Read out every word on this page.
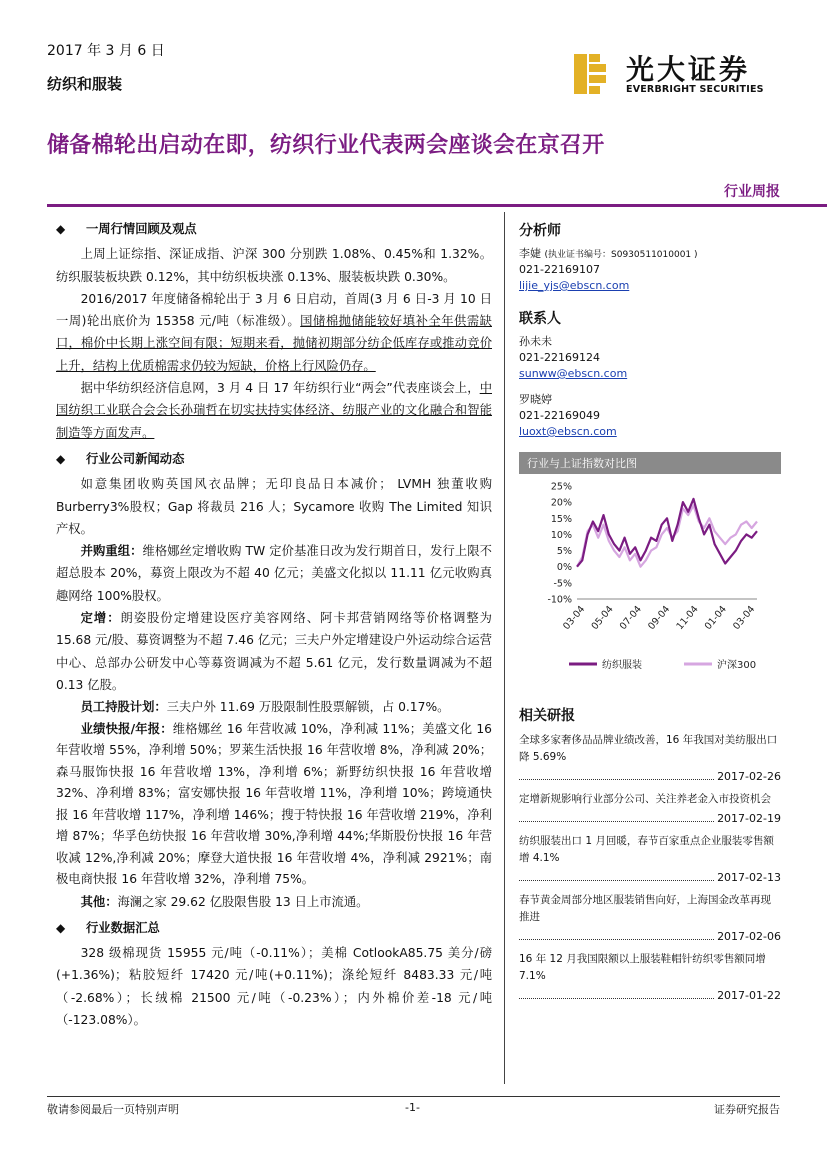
2017 年 3 月 6 日
纺织和服装	光大证券
EVERBRIGHT SECURITIES
储备棉轮出启动在即，纺织行业代表两会座谈会在京召开
行业周报
◆	一周行情回顾及观点

上周上证综指、深证成指、沪深 300 分别跌 1.08%、0.45%和 1.32%。纺织服装板块跌 0.12%，其中纺织板块涨 0.13%、服装板块跌 0.30%。

2016/2017 年度储备棉轮出于 3 月 6 日启动，首周(3 月 6 日-3 月 10 日一周)轮出底价为 15358 元/吨（标准级）。国储棉抛储能较好填补全年供需缺口，棉价中长期上涨空间有限；短期来看，抛储初期部分纺企低库存或推动竞价上升，结构上优质棉需求仍较为短缺，价格上行风险仍存。

据中华纺织经济信息网，3 月 4 日 17 年纺织行业“两会”代表座谈会上，中国纺织工业联合会会长孙瑞哲在切实扶持实体经济、纺服产业的文化融合和智能制造等方面发声。

◆	行业公司新闻动态

如意集团收购英国风衣品牌；无印良品日本减价； LVMH 独董收购 Burberry3%股权；Gap 将裁员 216 人；Sycamore 收购 The Limited 知识产权。

并购重组：维格娜丝定增收购 TW 定价基准日改为发行期首日，发行上限不超总股本 20%，募资上限改为不超 40 亿元；美盛文化拟以 11.11 亿元收购真趣网络 100%股权。

定增：朗姿股份定增建设医疗美容网络、阿卡邦营销网络等价格调整为 15.68 元/股、募资调整为不超 7.46 亿元；三夫户外定增建设户外运动综合运营中心、总部办公研发中心等募资调减为不超 5.61 亿元，发行数量调减为不超 0.13 亿股。

员工持股计划：三夫户外 11.69 万股限制性股票解锁，占 0.17%。

业绩快报/年报：维格娜丝 16 年营收减 10%，净利减 11%；美盛文化 16 年营收增 55%，净利增 50%；罗莱生活快报 16 年营收增 8%，净利减 20%；森马服饰快报 16 年营收增 13%，净利增 6%；新野纺织快报 16 年营收增 32%、净利增 83%；富安娜快报 16 年营收增 11%，净利增 10%；跨境通快报 16 年营收增 117%，净利增 146%；搜于特快报 16 年营收增 219%，净利增 87%；华孚色纺快报 16 年营收增 30%,净利增 44%;华斯股份快报 16 年营收减 12%,净利减 20%；摩登大道快报 16 年营收增 4%，净利减 2921%；南极电商快报 16 年营收增 32%，净利增 75%。

其他：海澜之家 29.62 亿股限售股 13 日上市流通。

◆	行业数据汇总

328 级棉现货 15955 元/吨（-0.11%）；美棉 CotlookA85.75 美分/磅(+1.36%)；粘胶短纤 17420 元/吨(+0.11%)；涤纶短纤 8483.33 元/吨（-2.68%）；长绒棉 21500 元/吨（-0.23%）；内外棉价差-18 元/吨（-123.08%）。

分析师
李婕 (执业证书编号：S0930511010001 )
021-22169107
lijie_yjs@ebscn.com
联系人
孙未未
021-22169124
sunww@ebscn.com
罗晓婷
021-22169049
luoxt@ebscn.com
行业与上证指数对比图
25%
20%
15%
10%
5%
0%
-5%
-10%
03-04 05-04 07-04 09-04 11-04 01-04 03-04
纺织服装	沪深300
相关研报
全球多家奢侈品品牌业绩改善，16 年我国对美纺服出口降 5.69%
2017-02-26
定增新规影响行业部分公司、关注养老金入市投资机会
2017-02-19
纺织服装出口 1 月回暖，春节百家重点企业服装零售额增 4.1%
2017-02-13
春节黄金周部分地区服装销售向好，上海国金改革再现推进
2017-02-06
16 年 12 月我国限额以上服装鞋帽针纺织零售额同增 7.1%
2017-01-22
敬请参阅最后一页特别声明	-1-	证券研究报告
